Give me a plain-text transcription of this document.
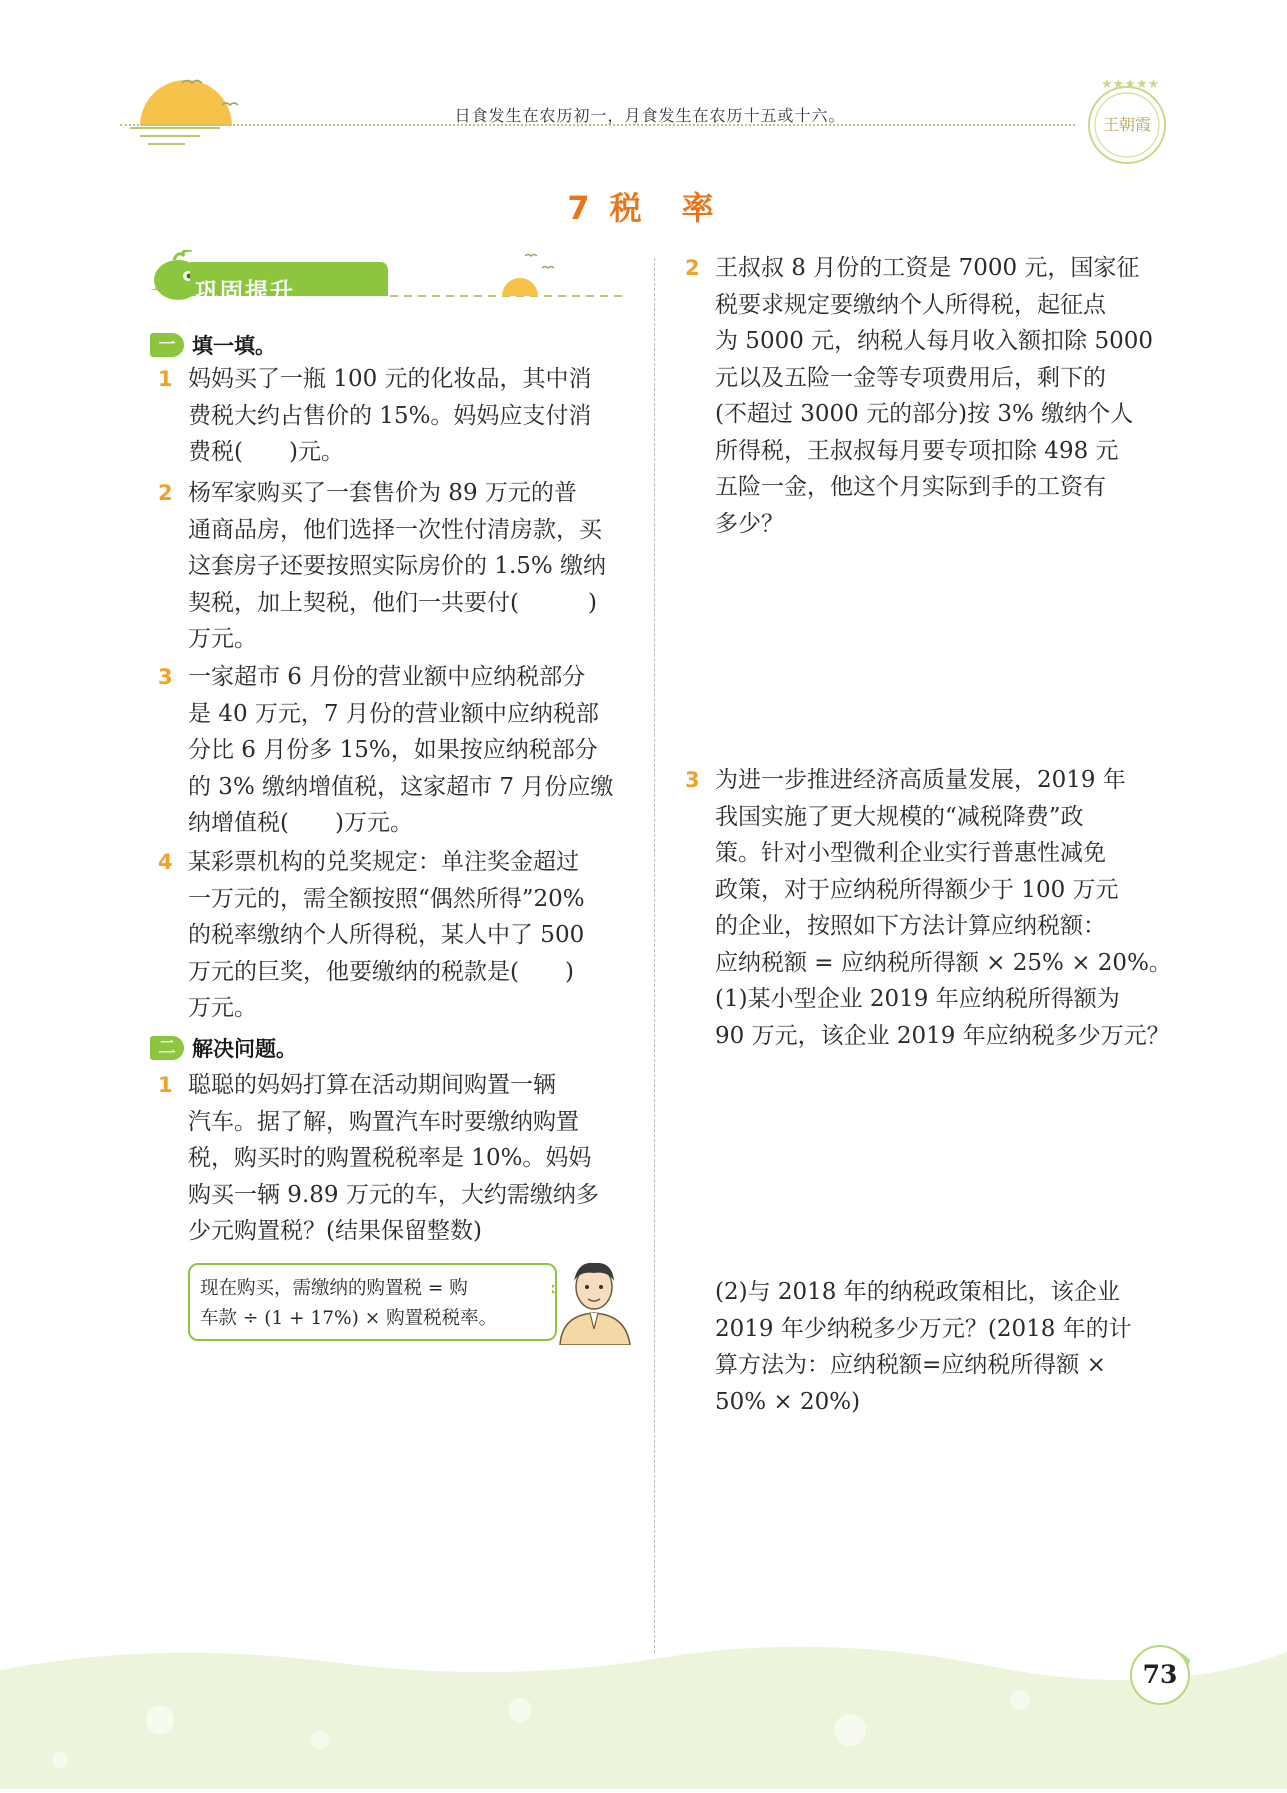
日食发生在农历初一，月食发生在农历十五或十六。
★★★★★
王朝霞
7 税率
巩固提升
一 填一填。
1 妈妈买了一瓶 100 元的化妆品，其中消
费税大约占售价的 15%。妈妈应支付消
费税(　　)元。
2 杨军家购买了一套售价为 89 万元的普
通商品房，他们选择一次性付清房款，买
这套房子还要按照实际房价的 1.5% 缴纳
契税，加上契税，他们一共要付(　　　)
万元。
3 一家超市 6 月份的营业额中应纳税部分
是 40 万元，7 月份的营业额中应纳税部
分比 6 月份多 15%，如果按应纳税部分
的 3% 缴纳增值税，这家超市 7 月份应缴
纳增值税(　　)万元。
4 某彩票机构的兑奖规定：单注奖金超过
一万元的，需全额按照“偶然所得”20%
的税率缴纳个人所得税，某人中了 500
万元的巨奖，他要缴纳的税款是(　　)
万元。
二 解决问题。
1 聪聪的妈妈打算在活动期间购置一辆
汽车。据了解，购置汽车时要缴纳购置
税，购买时的购置税税率是 10%。妈妈
购买一辆 9.89 万元的车，大约需缴纳多
少元购置税？(结果保留整数)
现在购买，需缴纳的购置税 = 购
车款 ÷ (1 + 17%) × 购置税税率。
2 王叔叔 8 月份的工资是 7000 元，国家征
税要求规定要缴纳个人所得税，起征点
为 5000 元，纳税人每月收入额扣除 5000
元以及五险一金等专项费用后，剩下的
(不超过 3000 元的部分)按 3% 缴纳个人
所得税，王叔叔每月要专项扣除 498 元
五险一金，他这个月实际到手的工资有
多少？
3 为进一步推进经济高质量发展，2019 年
我国实施了更大规模的“减税降费”政
策。针对小型微利企业实行普惠性减免
政策，对于应纳税所得额少于 100 万元
的企业，按照如下方法计算应纳税额：
应纳税额 = 应纳税所得额 × 25% × 20%。
(1)某小型企业 2019 年应纳税所得额为
90 万元，该企业 2019 年应纳税多少万元？
(2)与 2018 年的纳税政策相比，该企业
2019 年少纳税多少万元？(2018 年的计
算方法为：应纳税额=应纳税所得额 ×
50% × 20%)
73
